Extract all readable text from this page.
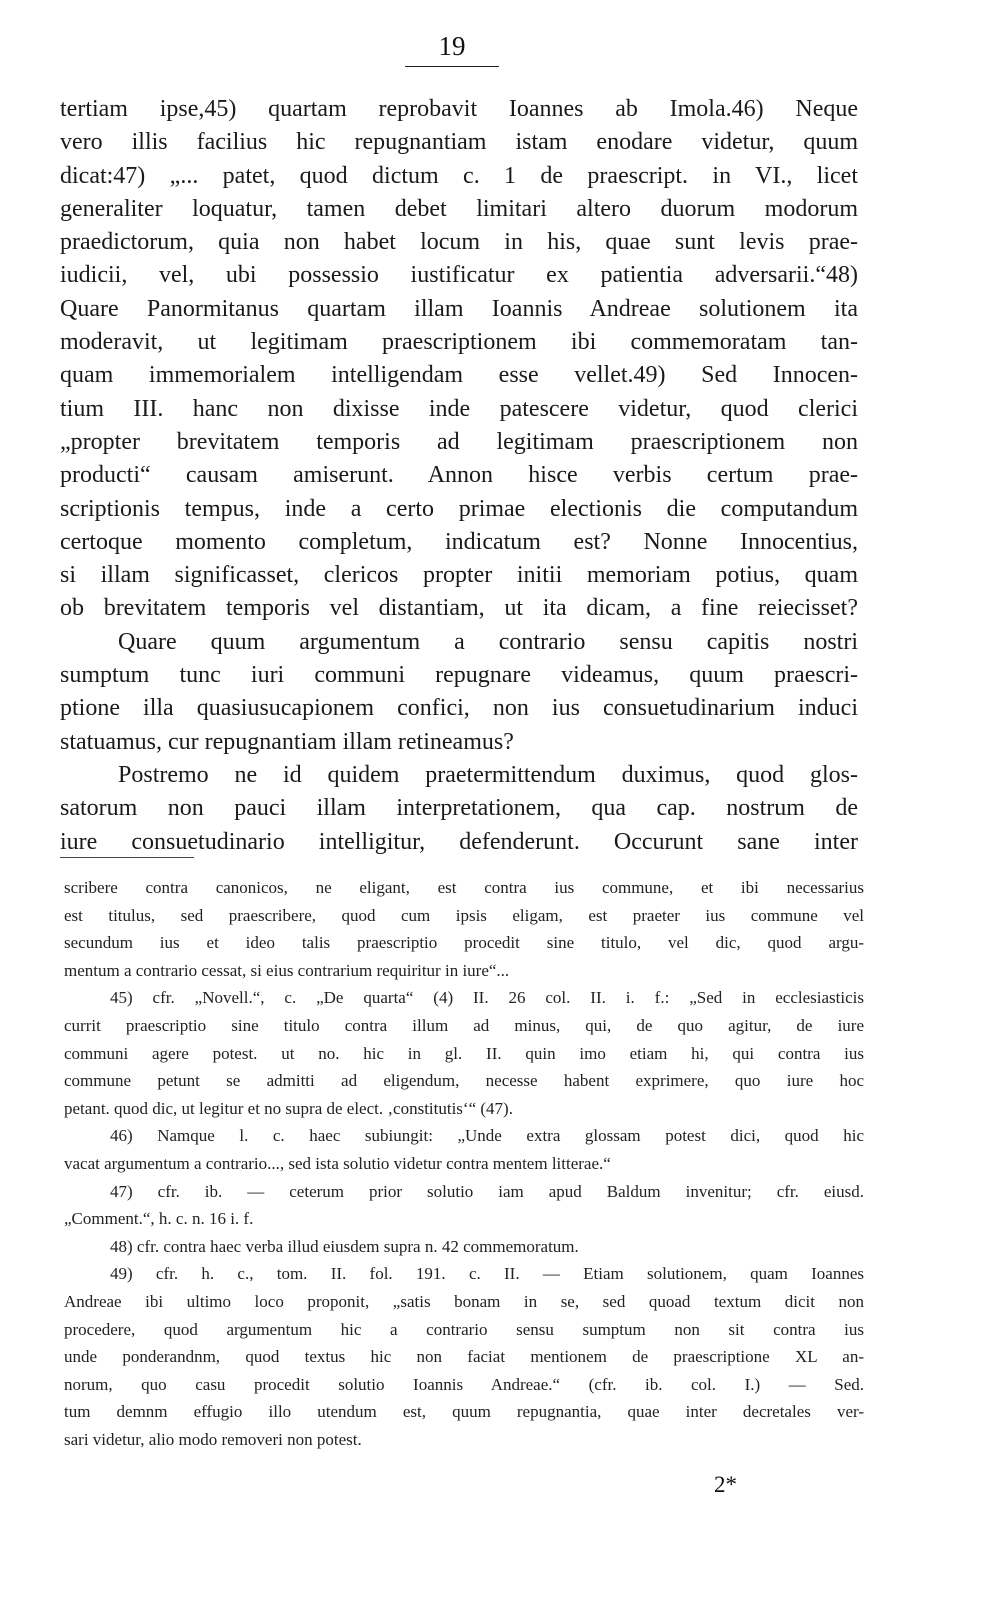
19
tertiam ipse,45) quartam reprobavit Ioannes ab Imola.46) Neque
vero illis facilius hic repugnantiam istam enodare videtur, quum
dicat:47) „... patet, quod dictum c. 1 de praescript. in VI., licet
generaliter loquatur, tamen debet limitari altero duorum modorum
praedictorum, quia non habet locum in his, quae sunt levis prae-
iudicii, vel, ubi possessio iustificatur ex patientia adversarii.“48)
Quare Panormitanus quartam illam Ioannis Andreae solutionem ita
moderavit, ut legitimam praescriptionem ibi commemoratam tan-
quam immemorialem intelligendam esse vellet.49) Sed Innocen-
tium III. hanc non dixisse inde patescere videtur, quod clerici
„propter brevitatem temporis ad legitimam praescriptionem non
producti“ causam amiserunt. Annon hisce verbis certum prae-
scriptionis tempus, inde a certo primae electionis die computandum
certoque momento completum, indicatum est? Nonne Innocentius,
si illam significasset, clericos propter initii memoriam potius, quam
ob brevitatem temporis vel distantiam, ut ita dicam, a fine reiecisset?
Quare quum argumentum a contrario sensu capitis nostri
sumptum tunc iuri communi repugnare videamus, quum praescri-
ptione illa quasiusucapionem confici, non ius consuetudinarium induci
statuamus, cur repugnantiam illam retineamus?
Postremo ne id quidem praetermittendum duximus, quod glos-
satorum non pauci illam interpretationem, qua cap. nostrum de
iure consuetudinario intelligitur, defenderunt. Occurunt sane inter
scribere contra canonicos, ne eligant, est contra ius commune, et ibi necessarius
est titulus, sed praescribere, quod cum ipsis eligam, est praeter ius commune vel
secundum ius et ideo talis praescriptio procedit sine titulo, vel dic, quod argu-
mentum a contrario cessat, si eius contrarium requiritur in iure“...
45) cfr. „Novell.“, c. „De quarta“ (4) II. 26 col. II. i. f.: „Sed in ecclesiasticis
currit praescriptio sine titulo contra illum ad minus, qui, de quo agitur, de iure
communi agere potest. ut no. hic in gl. II. quin imo etiam hi, qui contra ius
commune petunt se admitti ad eligendum, necesse habent exprimere, quo iure hoc
petant. quod dic, ut legitur et no supra de elect. ‚constitutis‘“ (47).
46) Namque l. c. haec subiungit: „Unde extra glossam potest dici, quod hic
vacat argumentum a contrario..., sed ista solutio videtur contra mentem litterae.“
47) cfr. ib. — ceterum prior solutio iam apud Baldum invenitur; cfr. eiusd.
„Comment.“, h. c. n. 16 i. f.
48) cfr. contra haec verba illud eiusdem supra n. 42 commemoratum.
49) cfr. h. c., tom. II. fol. 191. c. II. — Etiam solutionem, quam Ioannes
Andreae ibi ultimo loco proponit, „satis bonam in se, sed quoad textum dicit non
procedere, quod argumentum hic a contrario sensu sumptum non sit contra ius
unde ponderandnm, quod textus hic non faciat mentionem de praescriptione XL an-
norum, quo casu procedit solutio Ioannis Andreae.“ (cfr. ib. col. I.) — Sed.
tum demnm effugio illo utendum est, quum repugnantia, quae inter decretales ver-
sari videtur, alio modo removeri non potest.
2*
